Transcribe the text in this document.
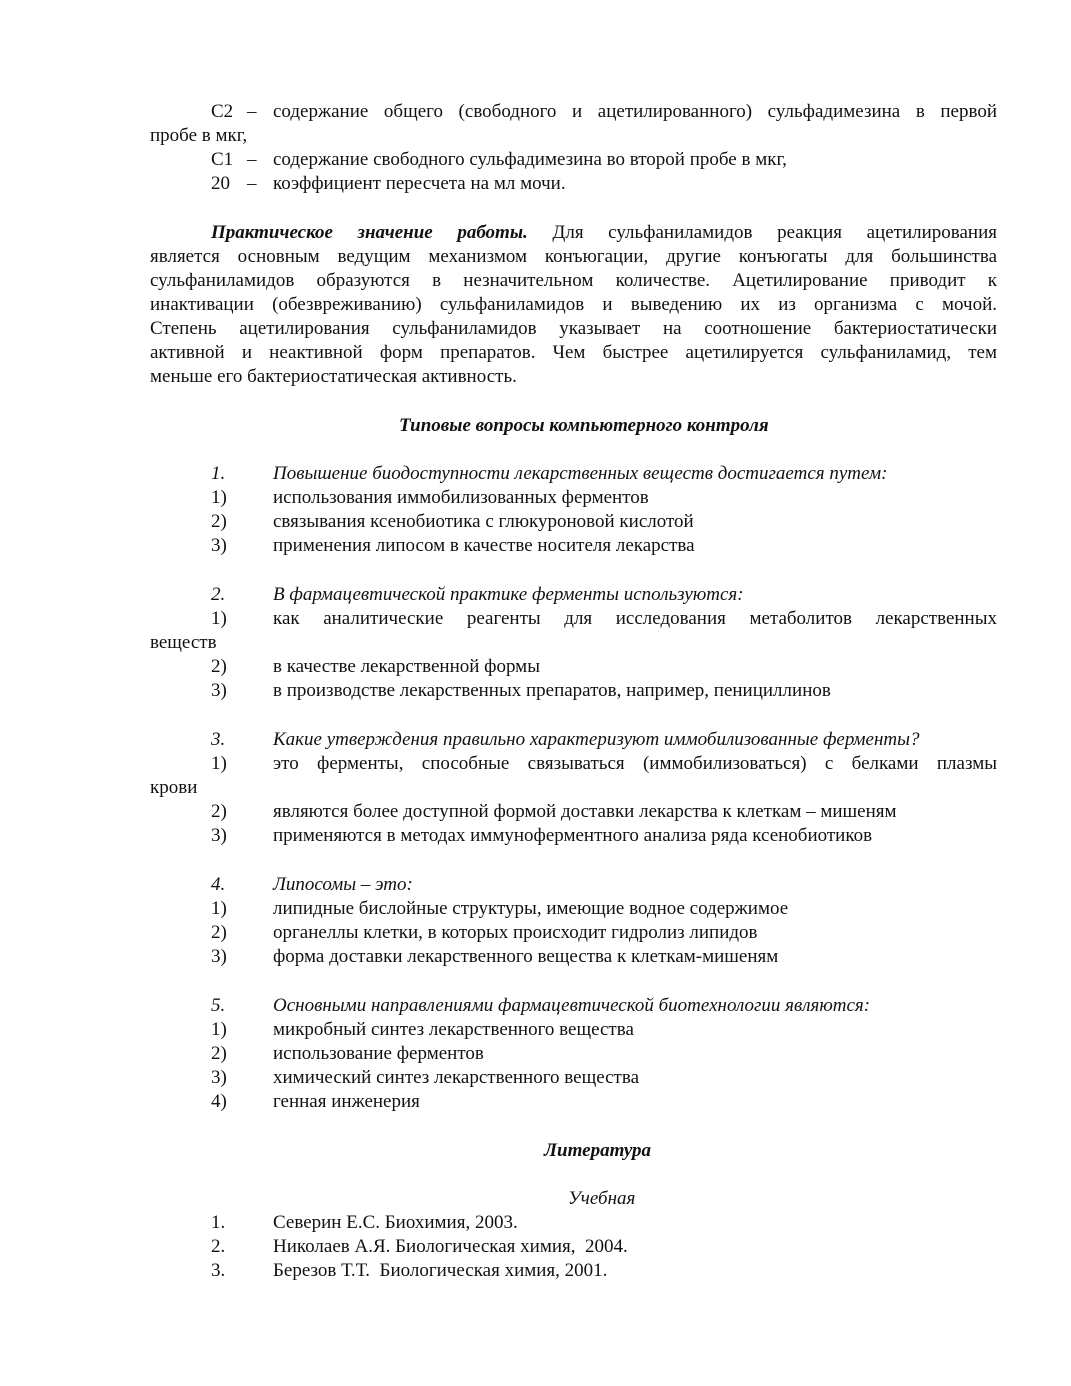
С2 – содержание общего (свободного и ацетилированного) сульфадимезина в первой
пробе в мкг,
С1 – содержание свободного сульфадимезина во второй пробе в мкг,
20 – коэффициент пересчета на мл мочи.
Практическое значение работы. Для сульфаниламидов реакция ацетилирования
является основным ведущим механизмом конъюгации, другие конъюгаты для большинства
сульфаниламидов образуются в незначительном количестве. Ацетилирование приводит к
инактивации (обезвреживанию) сульфаниламидов и выведению их из организма с мочой.
Степень ацетилирования сульфаниламидов указывает на соотношение бактериостатически
активной и неактивной форм препаратов. Чем быстрее ацетилируется сульфаниламид, тем
меньше его бактериостатическая активность.
Типовые вопросы компьютерного контроля
1.	Повышение биодоступности лекарственных веществ достигается путем:
1) использования иммобилизованных ферментов
2) связывания ксенобиотика с глюкуроновой кислотой
3) применения липосом в качестве носителя лекарства
2.	В фармацевтической практике ферменты используются:
1) как аналитические реагенты для исследования метаболитов лекарственных
веществ
2) в качестве лекарственной формы
3) в производстве лекарственных препаратов, например, пенициллинов
3.	Какие утверждения правильно характеризуют иммобилизованные ферменты?
1) это ферменты, способные связываться (иммобилизоваться) с белками плазмы
крови
2) являются более доступной формой доставки лекарства к клеткам – мишеням
3) применяются в методах иммуноферментного анализа ряда ксенобиотиков
4.	Липосомы – это:
1) липидные бислойные структуры, имеющие водное содержимое
2) органеллы клетки, в которых происходит гидролиз липидов
3) форма доставки лекарственного вещества к клеткам-мишеням
5.	Основными направлениями фармацевтической биотехнологии являются:
1) микробный синтез лекарственного вещества
2) использование ферментов
3) химический синтез лекарственного вещества
4) генная инженерия
Литература
Учебная
1.	Северин Е.С. Биохимия, 2003.
2.	Николаев А.Я. Биологическая химия,  2004.
3.	Березов Т.Т.  Биологическая химия, 2001.
